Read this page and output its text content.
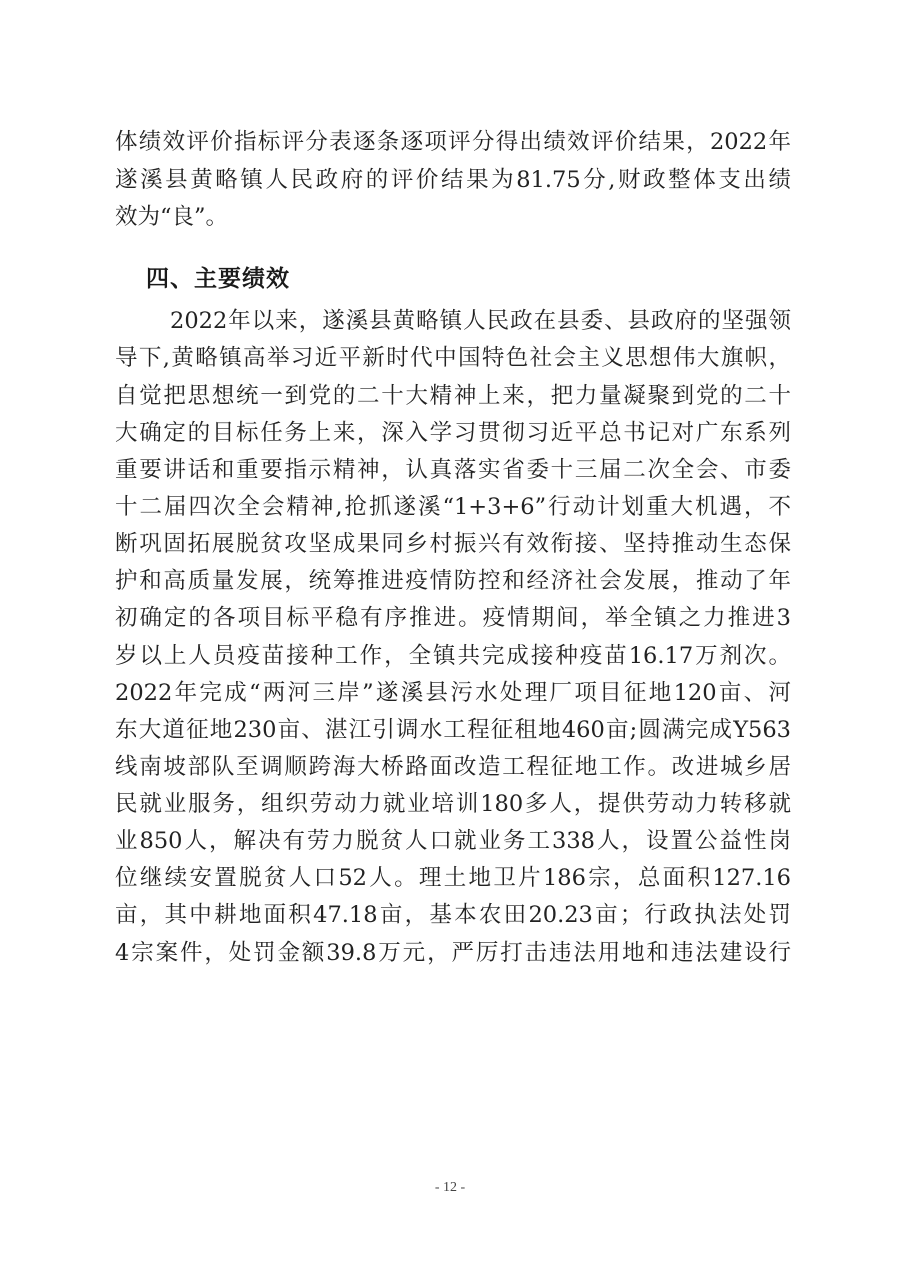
体绩效评价指标评分表逐条逐项评分得出绩效评价结果，2022年
遂溪县黄略镇人民政府的评价结果为81.75分,财政整体支出绩
效为“良”。
四、主要绩效
2022年以来，遂溪县黄略镇人民政在县委、县政府的坚强领
导下,黄略镇高举习近平新时代中国特色社会主义思想伟大旗帜，
自觉把思想统一到党的二十大精神上来，把力量凝聚到党的二十
大确定的目标任务上来，深入学习贯彻习近平总书记对广东系列
重要讲话和重要指示精神，认真落实省委十三届二次全会、市委
十二届四次全会精神,抢抓遂溪“1+3+6”行动计划重大机遇，不
断巩固拓展脱贫攻坚成果同乡村振兴有效衔接、坚持推动生态保
护和高质量发展，统筹推进疫情防控和经济社会发展，推动了年
初确定的各项目标平稳有序推进。疫情期间，举全镇之力推进3
岁以上人员疫苗接种工作，全镇共完成接种疫苗16.17万剂次。
2022年完成“两河三岸”遂溪县污水处理厂项目征地120亩、河
东大道征地230亩、湛江引调水工程征租地460亩;圆满完成Y563
线南坡部队至调顺跨海大桥路面改造工程征地工作。改进城乡居
民就业服务，组织劳动力就业培训180多人，提供劳动力转移就
业850人，解决有劳力脱贫人口就业务工338人，设置公益性岗
位继续安置脱贫人口52人。理土地卫片186宗，总面积127.16
亩，其中耕地面积47.18亩，基本农田20.23亩；行政执法处罚
4宗案件，处罚金额39.8万元，严厉打击违法用地和违法建设行
- 12 -
